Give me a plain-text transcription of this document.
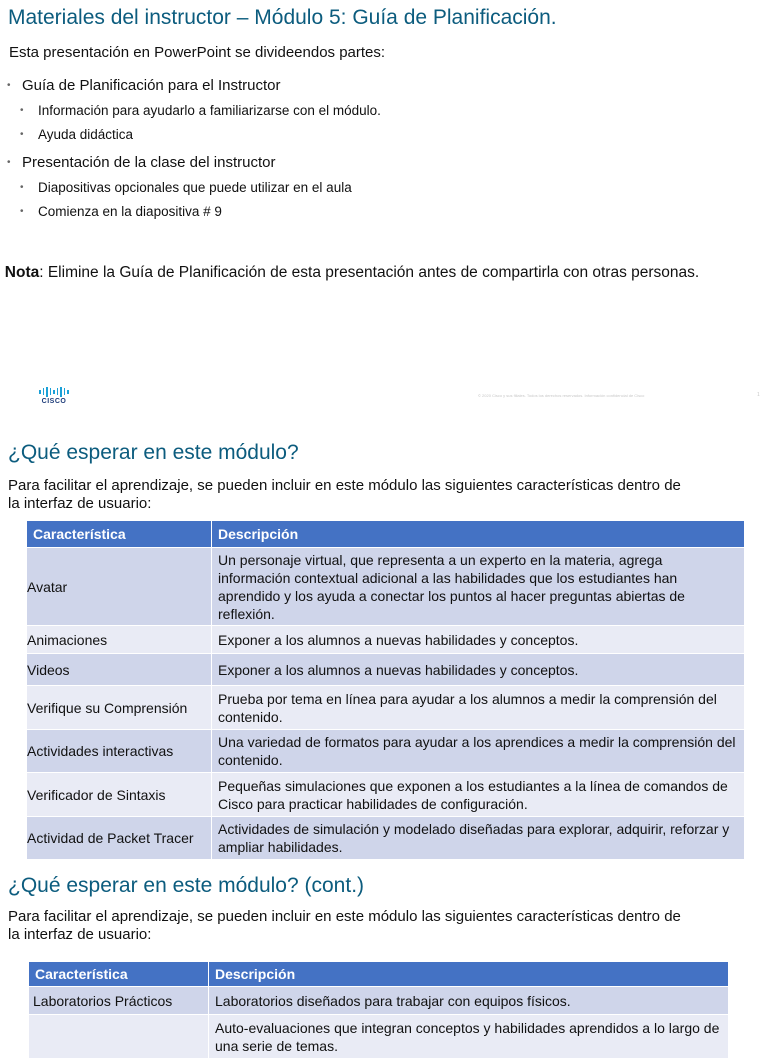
Materiales del instructor – Módulo 5: Guía de Planificación.

Esta presentación en PowerPoint se divideendos partes:

• Guía de Planificación para el Instructor
• Información para ayudarlo a familiarizarse con el módulo.
• Ayuda didáctica
• Presentación de la clase del instructor
• Diapositivas opcionales que puede utilizar en el aula
• Comienza en la diapositiva # 9

Nota: Elimine la Guía de Planificación de esta presentación antes de compartirla con otras personas.

CISCO
© 2020 Cisco y sus filiales. Todos los derechos reservados. Información confidencial de Cisco	1
¿Qué esperar en este módulo?

Para facilitar el aprendizaje, se pueden incluir en este módulo las siguientes características dentro de la interfaz de usuario:

Característica	Descripción
Avatar	Un personaje virtual, que representa a un experto en la materia, agrega información contextual adicional a las habilidades que los estudiantes han aprendido y los ayuda a conectar los puntos al hacer preguntas abiertas de reflexión.
Animaciones	Exponer a los alumnos a nuevas habilidades y conceptos.
Videos	Exponer a los alumnos a nuevas habilidades y conceptos.
Verifique su Comprensión	Prueba por tema en línea para ayudar a los alumnos a medir la comprensión del contenido.
Actividades interactivas	Una variedad de formatos para ayudar a los aprendices a medir la comprensión del contenido.
Verificador de Sintaxis	Pequeñas simulaciones que exponen a los estudiantes a la línea de comandos de Cisco para practicar habilidades de configuración.
Actividad de Packet Tracer	Actividades de simulación y modelado diseñadas para explorar, adquirir, reforzar y ampliar habilidades.
¿Qué esperar en este módulo? (cont.)

Para facilitar el aprendizaje, se pueden incluir en este módulo las siguientes características dentro de la interfaz de usuario:

Característica	Descripción
Laboratorios Prácticos	Laboratorios diseñados para trabajar con equipos físicos.
	Auto-evaluaciones que integran conceptos y habilidades aprendidos a lo largo de una serie de temas.
